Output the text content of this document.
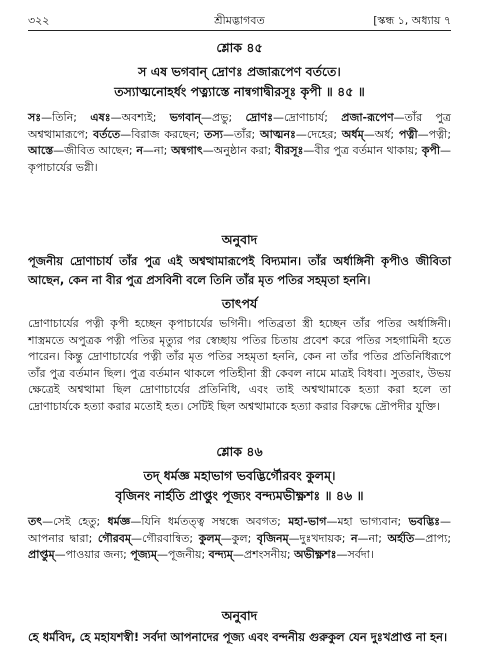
৩২২	শ্রীমদ্ভাগবত	[স্কন্ধ ১, অধ্যায় ৭
শ্লোক ৪৫
স এষ ভগবান্ দ্রোণঃ প্রজারূপেণ বর্ততে।
তস্যাত্মনোহর্ধং পত্ন্যাস্তে নান্বগাদ্বীরসূঃ কৃপী ॥ ৪৫ ॥
সঃ—তিনি; এষঃ—অবশ্যই; ভগবান্—প্রভু; দ্রোণঃ—দ্রোণাচার্য; প্রজা-রূপেণ—তাঁর পুত্র অশ্বত্থামারূপে; বর্ততে—বিরাজ করছেন; তস্য—তাঁর; আত্মনঃ—দেহের; অর্ধম্—অর্ধ; পত্নী—পত্নী; আস্তে—জীবিত আছেন; ন—না; অন্বগাৎ—অনুষ্ঠান করা; বীরসূঃ—বীর পুত্র বর্তমান থাকায়; কৃপী—কৃপাচার্যের ভগ্নী।
অনুবাদ
পূজনীয় দ্রোণাচার্য তাঁর পুত্র এই অশ্বত্থামারূপেই বিদ্যমান। তাঁর অর্ধাঙ্গিনী কৃপীও জীবিতা আছেন, কেন না বীর পুত্র প্রসবিনী বলে তিনি তাঁর মৃত পতির সহমৃতা হননি।
তাৎপর্য
দ্রোণাচার্যের পত্নী কৃপী হচ্ছেন কৃপাচার্যের ভগিনী। পতিব্রতা স্ত্রী হচ্ছেন তাঁর পতির অর্ধাঙ্গিনী। শাস্ত্রমতে অপুত্রক পত্নী পতির মৃত্যুর পর স্বেচ্ছায় পতির চিতায় প্রবেশ করে পতির সহগামিনী হতে পারেন। কিন্তু দ্রোণাচার্যের পত্নী তাঁর মৃত পতির সহমৃতা হননি, কেন না তাঁর পতির প্রতিনিধিরূপে তাঁর পুত্র বর্তমান ছিল। পুত্র বর্তমান থাকলে পতিহীনা স্ত্রী কেবল নামে মাত্রই বিধবা। সুতরাং, উভয় ক্ষেত্রেই অশ্বত্থামা ছিল দ্রোণাচার্যের প্রতিনিধি, এবং তাই অশ্বত্থামাকে হত্যা করা হলে তা দ্রোণাচার্যকে হত্যা করার মতোই হত। সেটিই ছিল অশ্বত্থামাকে হত্যা করার বিরুদ্ধে দ্রৌপদীর যুক্তি।
শ্লোক ৪৬
তদ্ ধর্মজ্ঞ মহাভাগ ভবদ্ভির্গৌরবং কুলম্।
বৃজিনং নার্হতি প্রাপ্তুং পূজ্যং বন্দ্যমভীক্ষ্ণশঃ ॥ ৪৬ ॥
তৎ—সেই হেতু; ধর্মজ্ঞ—যিনি ধর্মতত্ত্ব সম্বন্ধে অবগত; মহা-ভাগ—মহা ভাগ্যবান; ভবদ্ভিঃ—আপনার দ্বারা; গৌরবম্—গৌরবান্বিত; কুলম্—কুল; বৃজিনম্—দুঃখদায়ক; ন—না; অর্হতি—প্রাপ্য; প্রাপ্তুম্—পাওয়ার জন্য; পূজ্যম্—পূজনীয়; বন্দ্যম্—প্রশংসনীয়; অভীক্ষ্ণশঃ—সর্বদা।
অনুবাদ
হে ধর্মবিদ, হে মহাযশস্বী! সর্বদা আপনাদের পূজ্য এবং বন্দনীয় গুরুকুল যেন দুঃখপ্রাপ্ত না হন।
